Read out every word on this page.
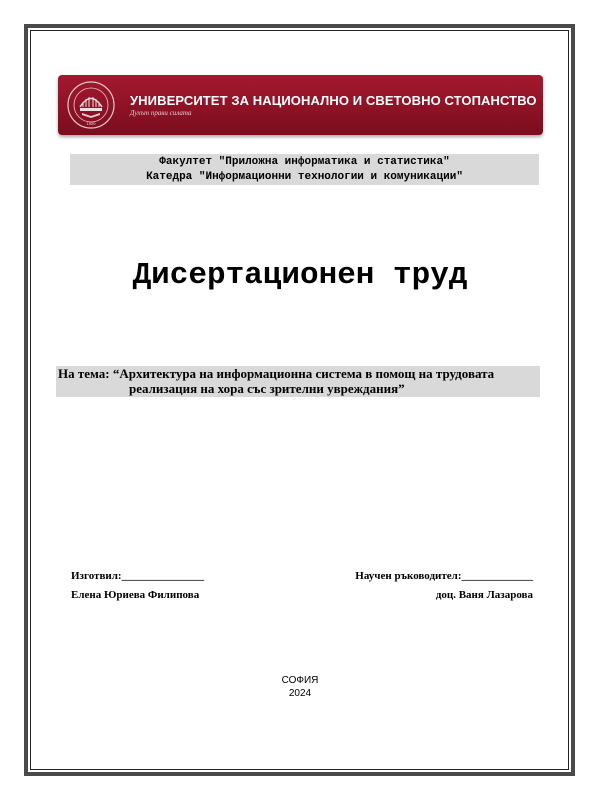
1920
УНИВЕРСИТЕТ ЗА НАЦИОНАЛНО И СВЕТОВНО СТОПАНСТВО
Духът прави силата
Факултет "Приложна информатика и статистика"
Катедра "Информационни технологии и комуникации"
Дисертационен труд
На тема: “Архитектура на информационна система в помощ на трудовата
реализация на хора със зрителни увреждания”
Изготвил:_______________
Елена Юриева Филипова
Научен ръководител:_____________
доц. Ваня Лазарова
СОФИЯ
2024
